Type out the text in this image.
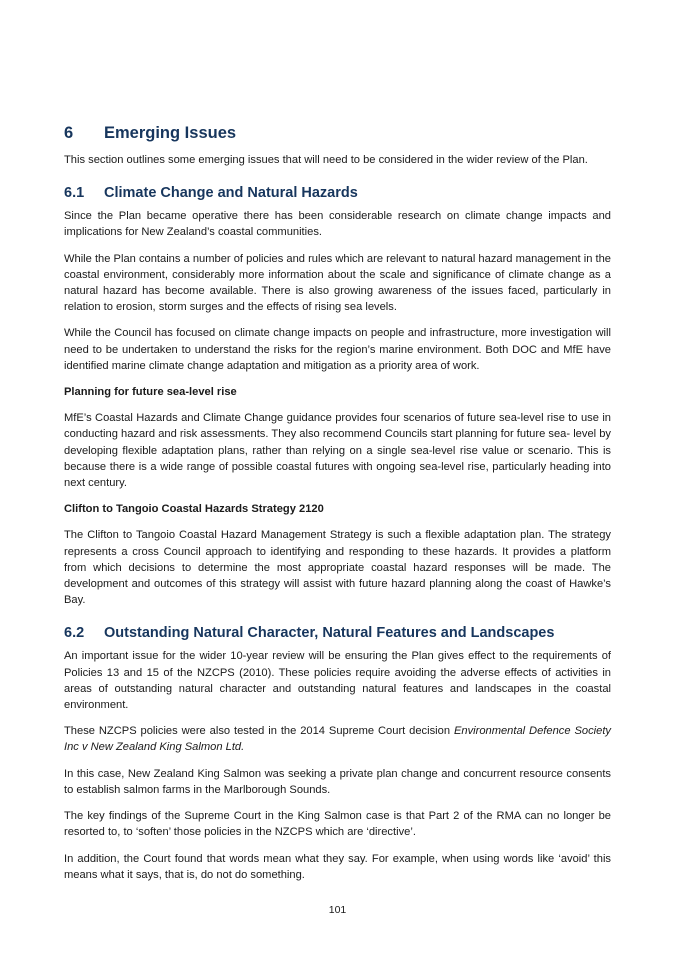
6	Emerging Issues

This section outlines some emerging issues that will need to be considered in the wider review of the Plan.

6.1	Climate Change and Natural Hazards

Since the Plan became operative there has been considerable research on climate change impacts and implications for New Zealand’s coastal communities.

While the Plan contains a number of policies and rules which are relevant to natural hazard management in the coastal environment, considerably more information about the scale and significance of climate change as a natural hazard has become available. There is also growing awareness of the issues faced, particularly in relation to erosion, storm surges and the effects of rising sea levels.

While the Council has focused on climate change impacts on people and infrastructure, more investigation will need to be undertaken to understand the risks for the region’s marine environment. Both DOC and MfE have identified marine climate change adaptation and mitigation as a priority area of work.

Planning for future sea-level rise

MfE’s Coastal Hazards and Climate Change guidance provides four scenarios of future sea-level rise to use in conducting hazard and risk assessments. They also recommend Councils start planning for future sea- level by developing flexible adaptation plans, rather than relying on a single sea-level rise value or scenario. This is because there is a wide range of possible coastal futures with ongoing sea-level rise, particularly heading into next century.

Clifton to Tangoio Coastal Hazards Strategy 2120

The Clifton to Tangoio Coastal Hazard Management Strategy is such a flexible adaptation plan. The strategy represents a cross Council approach to identifying and responding to these hazards. It provides a platform from which decisions to determine the most appropriate coastal hazard responses will be made. The development and outcomes of this strategy will assist with future hazard planning along the coast of Hawke’s Bay.

6.2	Outstanding Natural Character, Natural Features and Landscapes

An important issue for the wider 10-year review will be ensuring the Plan gives effect to the requirements of Policies 13 and 15 of the NZCPS (2010). These policies require avoiding the adverse effects of activities in areas of outstanding natural character and outstanding natural features and landscapes in the coastal environment.

These NZCPS policies were also tested in the 2014 Supreme Court decision Environmental Defence Society Inc v New Zealand King Salmon Ltd.

In this case, New Zealand King Salmon was seeking a private plan change and concurrent resource consents to establish salmon farms in the Marlborough Sounds.

The key findings of the Supreme Court in the King Salmon case is that Part 2 of the RMA can no longer be resorted to, to ‘soften’ those policies in the NZCPS which are ‘directive’.

In addition, the Court found that words mean what they say. For example, when using words like ‘avoid’ this means what it says, that is, do not do something.

101
